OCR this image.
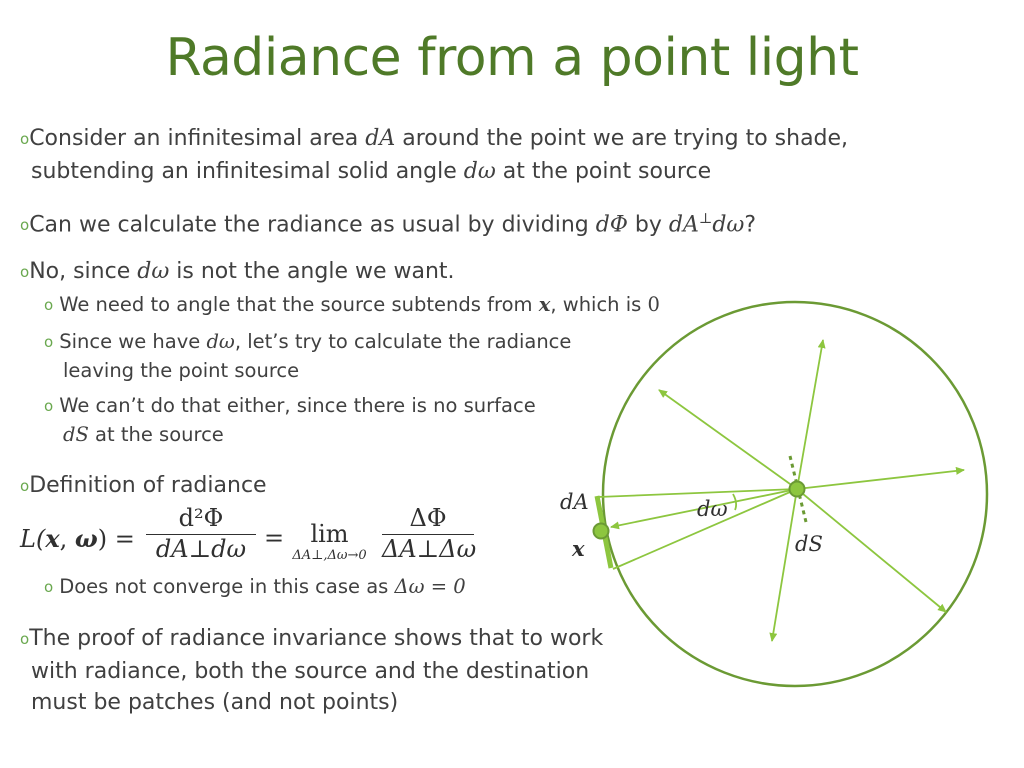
Radiance from a point light
oConsider an infinitesimal area dA around the point we are trying to shade,
subtending an infinitesimal solid angle dω at the point source
oCan we calculate the radiance as usual by dividing dΦ by dA⊥dω?
oNo, since dω is not the angle we want.
o We need to angle that the source subtends from x, which is 0
o Since we have dω, let’s try to calculate the radiance
leaving the point source
o We can’t do that either, since there is no surface
dS at the source
oDefinition of radiance
L(x, $\omega) = \frac{\text{d²Φ}}{dA\perp d\omega}$ =	lim
ΔA⊥,Δω→0 $\frac{\Delta\Phi}{\Delta A\perp\Delta\omega}$
o Does not converge in this case as Δω = 0
oThe proof of radiance invariance shows that to work
with radiance, both the source and the destination
must be patches (and not points)
dA
x
dω
dS
